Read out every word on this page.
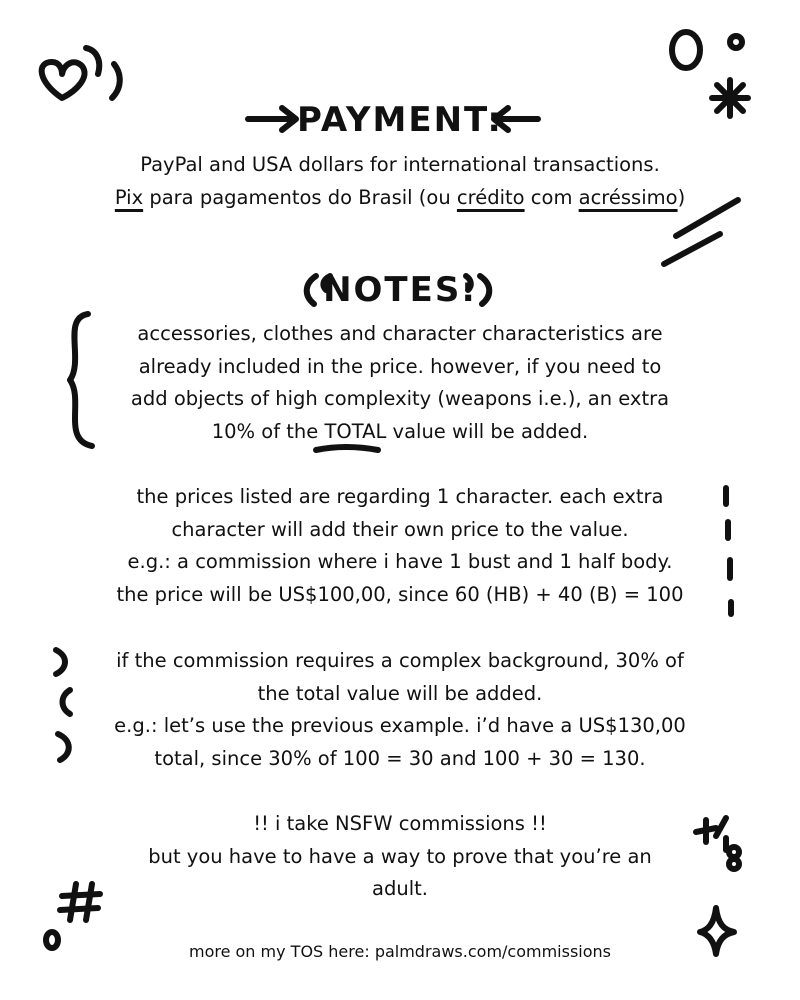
PAYMENT:

PayPal and USA dollars for international transactions.

Pix para pagamentos do Brasil (ou crédito com acréssimo)

NOTES:

accessories, clothes and character characteristics are

already included in the price. however, if you need to

add objects of high complexity (weapons i.e.), an extra

10% of the TOTAL value will be added.

the prices listed are regarding 1 character. each extra

character will add their own price to the value.

e.g.: a commission where i have 1 bust and 1 half body.

the price will be US$100,00, since 60 (HB) + 40 (B) = 100

if the commission requires a complex background, 30% of

the total value will be added.

e.g.: let’s use the previous example. i’d have a US$130,00

total, since 30% of 100 = 30 and 100 + 30 = 130.

!! i take NSFW commissions !!

but you have to have a way to prove that you’re an

adult.

more on my TOS here: palmdraws.com/commissions
